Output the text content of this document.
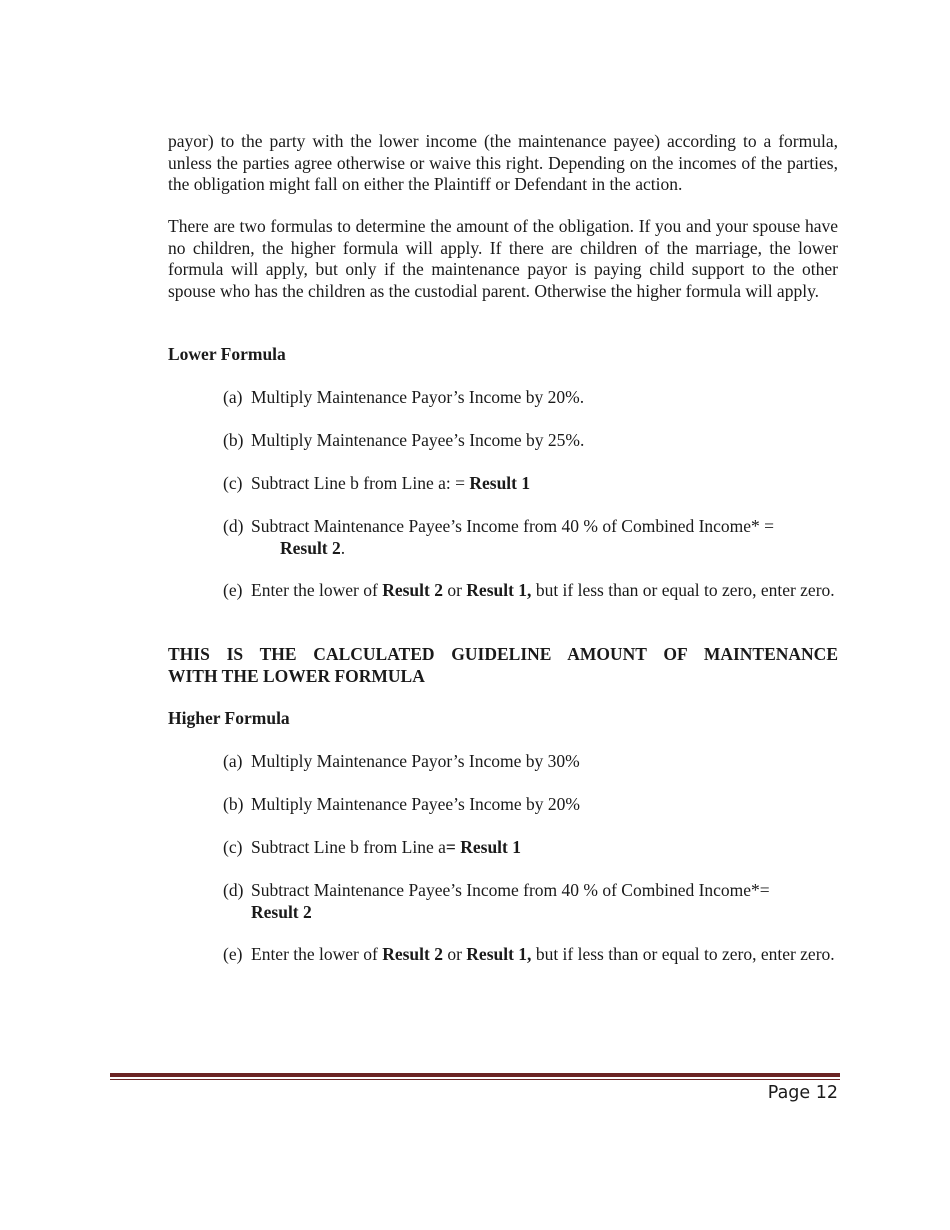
payor) to the party with the lower income (the maintenance payee) according to a formula, unless the parties agree otherwise or waive this right. Depending on the incomes of the parties, the obligation might fall on either the Plaintiff or Defendant in the action.

There are two formulas to determine the amount of the obligation. If you and your spouse have no children, the higher formula will apply. If there are children of the marriage, the lower formula will apply, but only if the maintenance payor is paying child support to the other spouse who has the children as the custodial parent. Otherwise the higher formula will apply.

Lower Formula

(a) Multiply Maintenance Payor’s Income by 20%.
(b) Multiply Maintenance Payee’s Income by 25%.
(c) Subtract Line b from Line a: = Result 1
(d) Subtract Maintenance Payee’s Income from 40 % of Combined Income* =
Result 2.
(e) Enter the lower of Result 2 or Result 1, but if less than or equal to zero, enter zero.

THIS IS THE CALCULATED GUIDELINE AMOUNT OF MAINTENANCE
WITH THE LOWER FORMULA

Higher Formula

(a) Multiply Maintenance Payor’s Income by 30%
(b) Multiply Maintenance Payee’s Income by 20%
(c) Subtract Line b from Line a= Result 1
(d) Subtract Maintenance Payee’s Income from 40 % of Combined Income*=
Result 2
(e) Enter the lower of Result 2 or Result 1, but if less than or equal to zero, enter zero.
Page 12
